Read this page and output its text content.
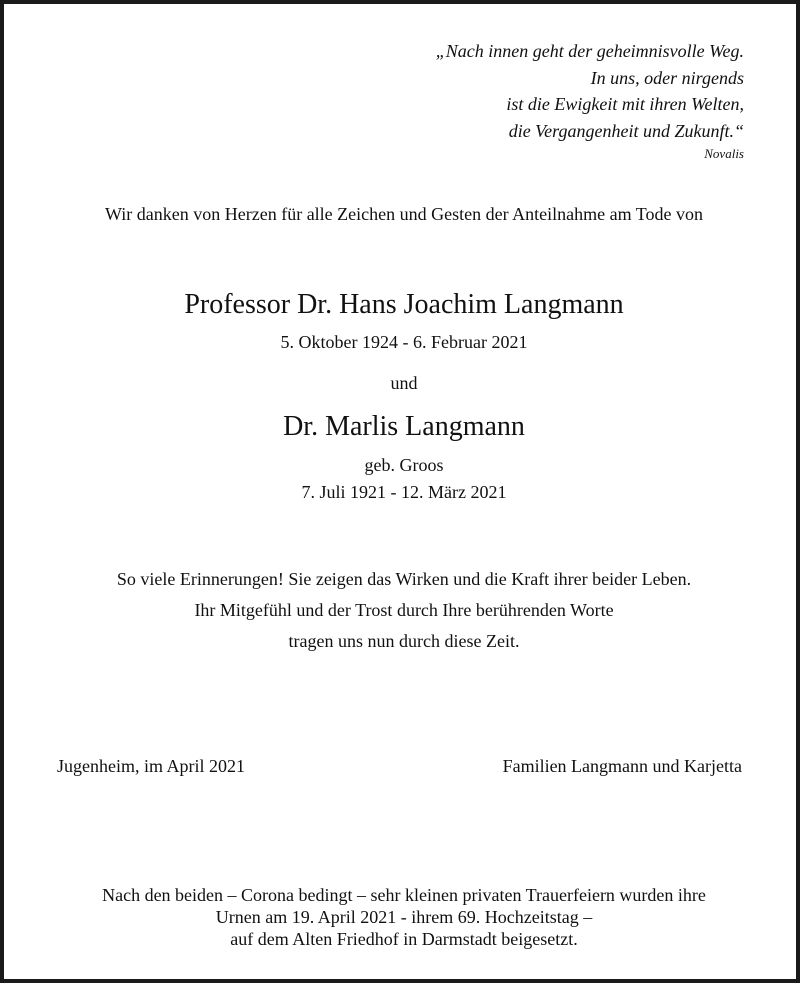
„Nach innen geht der geheimnisvolle Weg.
In uns, oder nirgends
ist die Ewigkeit mit ihren Welten,
die Vergangenheit und Zukunft.“
Novalis
Wir danken von Herzen für alle Zeichen und Gesten der Anteilnahme am Tode von
Professor Dr. Hans Joachim Langmann
5. Oktober 1924 - 6. Februar 2021
und
Dr. Marlis Langmann
geb. Groos
7. Juli 1921 - 12. März 2021
So viele Erinnerungen! Sie zeigen das Wirken und die Kraft ihrer beider Leben.
Ihr Mitgefühl und der Trost durch Ihre berührenden Worte
tragen uns nun durch diese Zeit.
Jugenheim, im April 2021	Familien Langmann und Karjetta
Nach den beiden – Corona bedingt – sehr kleinen privaten Trauerfeiern wurden ihre
Urnen am 19. April 2021 - ihrem 69. Hochzeitstag –
auf dem Alten Friedhof in Darmstadt beigesetzt.
